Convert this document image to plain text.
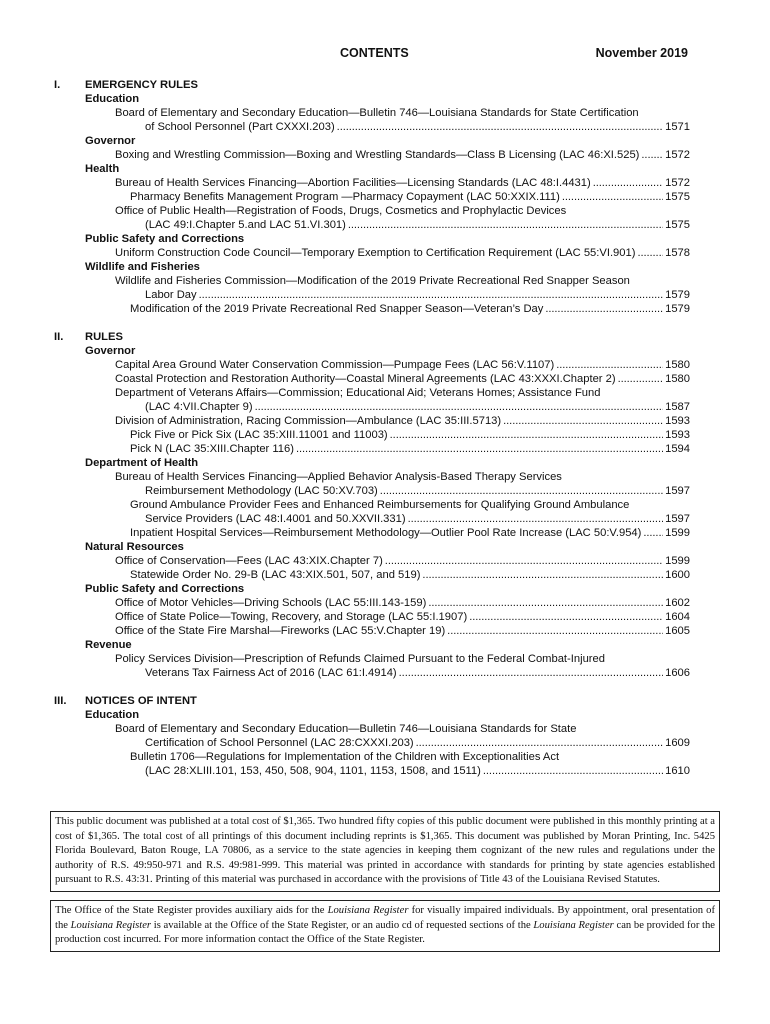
CONTENTS	November 2019
I. EMERGENCY RULES
Education
Board of Elementary and Secondary Education—Bulletin 746—Louisiana Standards for State Certification
of School Personnel (Part CXXXI.203) . . .	1571
Governor
Boxing and Wrestling Commission—Boxing and Wrestling Standards—Class B Licensing (LAC 46:XI.525) . . . 1572
Health
Bureau of Health Services Financing—Abortion Facilities—Licensing Standards (LAC 48:I.4431) . . .	1572
Pharmacy Benefits Management Program —Pharmacy Copayment (LAC 50:XXIX.111) . . .	1575
Office of Public Health—Registration of Foods, Drugs, Cosmetics and Prophylactic Devices
(LAC 49:I.Chapter 5.and LAC 51.VI.301) . . .	1575
Public Safety and Corrections
Uniform Construction Code Council—Temporary Exemption to Certification Requirement (LAC 55:VI.901) . . .	1578
Wildlife and Fisheries
Wildlife and Fisheries Commission—Modification of the 2019 Private Recreational Red Snapper Season
Labor Day . . .	1579
Modification of the 2019 Private Recreational Red Snapper Season—Veteran’s Day . . .	1579
II. RULES
Governor
Capital Area Ground Water Conservation Commission—Pumpage Fees (LAC 56:V.1107) . . .	1580
Coastal Protection and Restoration Authority—Coastal Mineral Agreements (LAC 43:XXXI.Chapter 2) . . .	1580
Department of Veterans Affairs—Commission; Educational Aid; Veterans Homes; Assistance Fund
(LAC 4:VII.Chapter 9) . . .	1587
Division of Administration, Racing Commission—Ambulance (LAC 35:III.5713) . . .	1593
Pick Five or Pick Six (LAC 35:XIII.11001 and 11003) . . .	1593
Pick N (LAC 35:XIII.Chapter 116) . . .	1594
Department of Health
Bureau of Health Services Financing—Applied Behavior Analysis-Based Therapy Services
Reimbursement Methodology (LAC 50:XV.703) . . .	1597
Ground Ambulance Provider Fees and Enhanced Reimbursements for Qualifying Ground Ambulance
Service Providers (LAC 48:I.4001 and 50.XXVII.331) . . .	1597
Inpatient Hospital Services—Reimbursement Methodology—Outlier Pool Rate Increase (LAC 50:V.954) . . . 1599
Natural Resources
Office of Conservation—Fees (LAC 43:XIX.Chapter 7) . . .	1599
Statewide Order No. 29-B (LAC 43:XIX.501, 507, and 519) . . .	1600
Public Safety and Corrections
Office of Motor Vehicles—Driving Schools (LAC 55:III.143-159) . . .	1602
Office of State Police—Towing, Recovery, and Storage (LAC 55:I.1907) . . .	1604
Office of the State Fire Marshal—Fireworks (LAC 55:V.Chapter 19) . . .	1605
Revenue
Policy Services Division—Prescription of Refunds Claimed Pursuant to the Federal Combat-Injured
Veterans Tax Fairness Act of 2016 (LAC 61:I.4914) . . .	1606
III. NOTICES OF INTENT
Education
Board of Elementary and Secondary Education—Bulletin 746—Louisiana Standards for State
Certification of School Personnel (LAC 28:CXXXI.203) . . .	1609
Bulletin 1706—Regulations for Implementation of the Children with Exceptionalities Act
(LAC 28:XLIII.101, 153, 450, 508, 904, 1101, 1153, 1508, and 1511) . . .	1610
This public document was published at a total cost of $1,365. Two hundred fifty copies of this public document were published in this monthly printing at a cost of $1,365. The total cost of all printings of this document including reprints is $1,365. This document was published by Moran Printing, Inc. 5425 Florida Boulevard, Baton Rouge, LA 70806, as a service to the state agencies in keeping them cognizant of the new rules and regulations under the authority of R.S. 49:950-971 and R.S. 49:981-999. This material was printed in accordance with standards for printing by state agencies established pursuant to R.S. 43:31. Printing of this material was purchased in accordance with the provisions of Title 43 of the Louisiana Revised Statutes.
The Office of the State Register provides auxiliary aids for the Louisiana Register for visually impaired individuals. By appointment, oral presentation of the Louisiana Register is available at the Office of the State Register, or an audio cd of requested sections of the Louisiana Register can be provided for the production cost incurred. For more information contact the Office of the State Register.
